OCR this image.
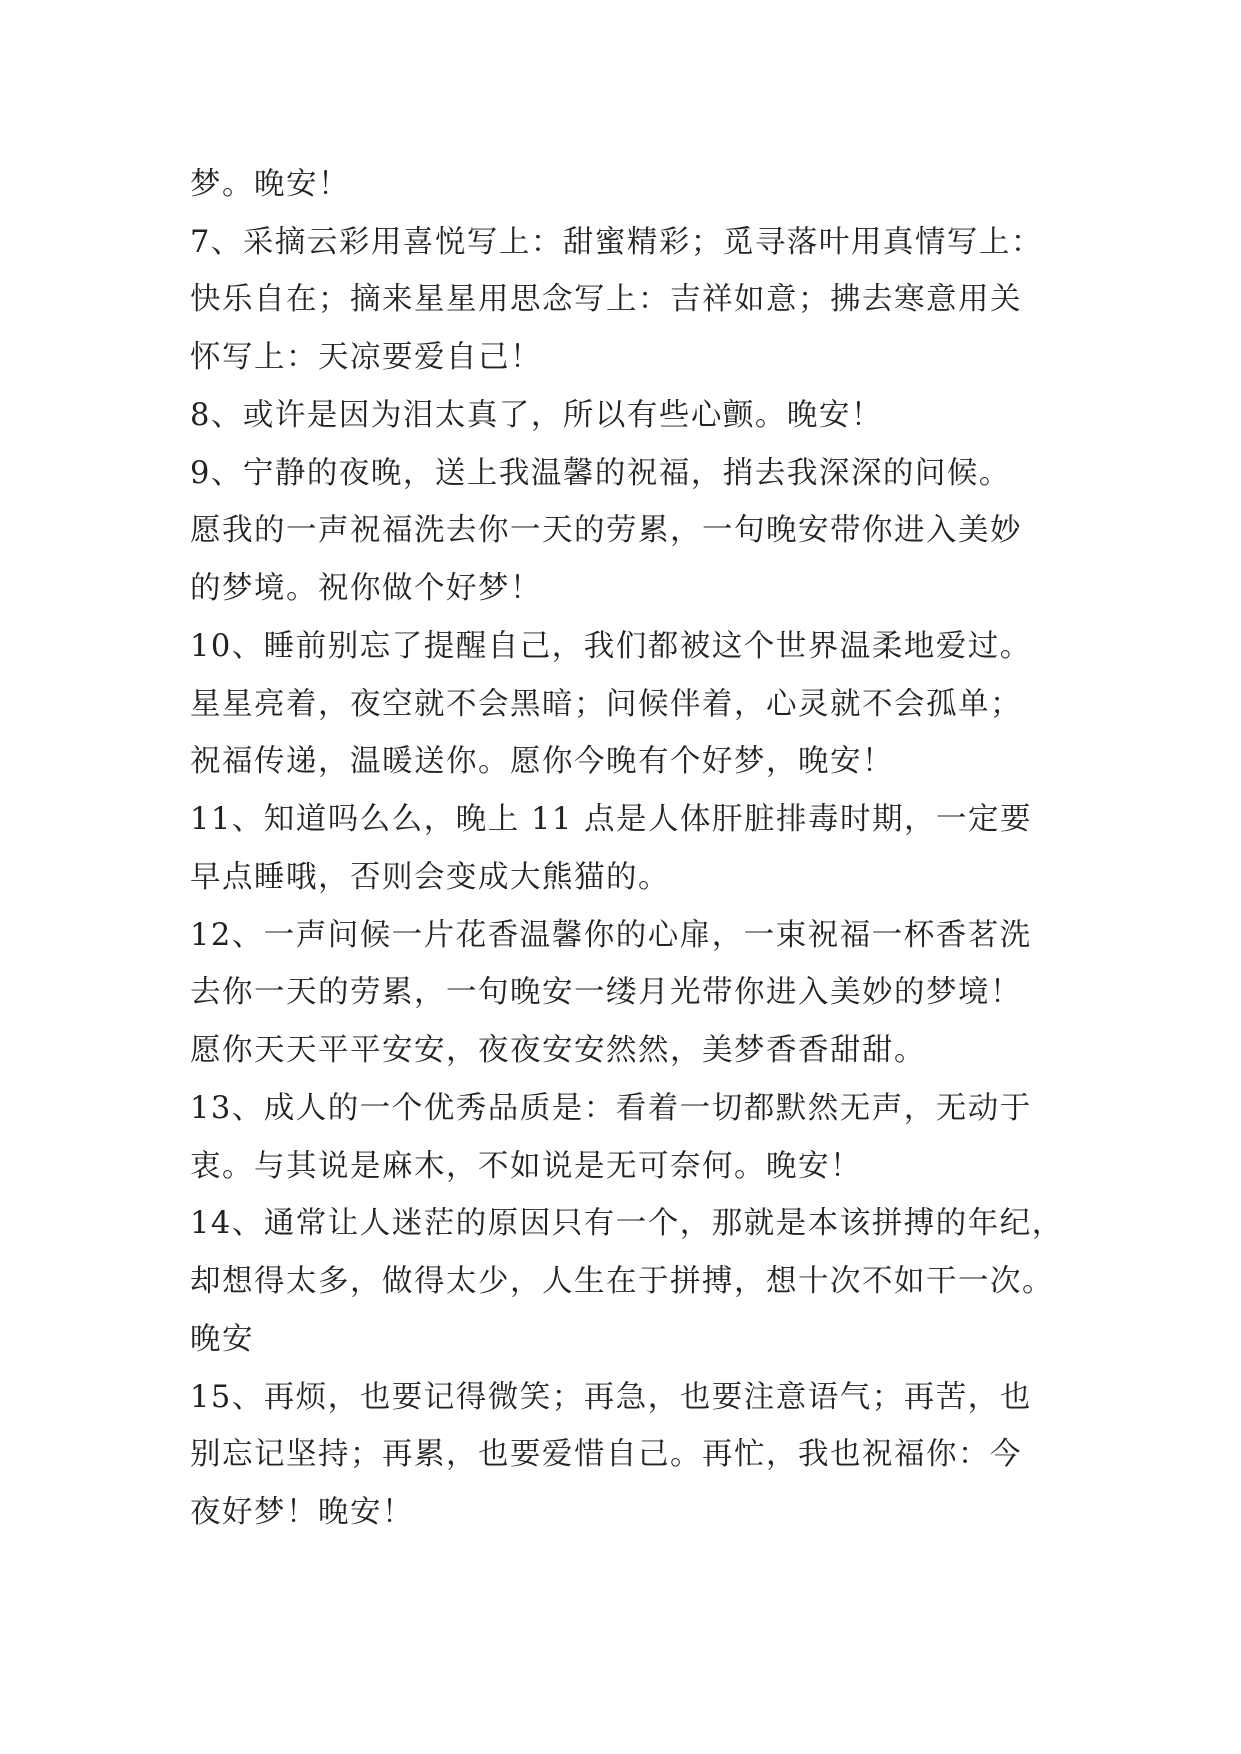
梦。晚安！
7、采摘云彩用喜悦写上：甜蜜精彩；觅寻落叶用真情写上：
快乐自在；摘来星星用思念写上：吉祥如意；拂去寒意用关
怀写上：天凉要爱自己！
8、或许是因为泪太真了，所以有些心颤。晚安！
9、宁静的夜晚，送上我温馨的祝福，捎去我深深的问候。
愿我的一声祝福洗去你一天的劳累，一句晚安带你进入美妙
的梦境。祝你做个好梦！
10、睡前别忘了提醒自己，我们都被这个世界温柔地爱过。
星星亮着，夜空就不会黑暗；问候伴着，心灵就不会孤单；
祝福传递，温暖送你。愿你今晚有个好梦，晚安！
11、知道吗么么，晚上 11 点是人体肝脏排毒时期，一定要
早点睡哦，否则会变成大熊猫的。
12、一声问候一片花香温馨你的心扉，一束祝福一杯香茗洗
去你一天的劳累，一句晚安一缕月光带你进入美妙的梦境！
愿你天天平平安安，夜夜安安然然，美梦香香甜甜。
13、成人的一个优秀品质是：看着一切都默然无声，无动于
衷。与其说是麻木，不如说是无可奈何。晚安！
14、通常让人迷茫的原因只有一个，那就是本该拼搏的年纪，
却想得太多，做得太少，人生在于拼搏，想十次不如干一次。
晚安
15、再烦，也要记得微笑；再急，也要注意语气；再苦，也
别忘记坚持；再累，也要爱惜自己。再忙，我也祝福你：今
夜好梦！晚安！
